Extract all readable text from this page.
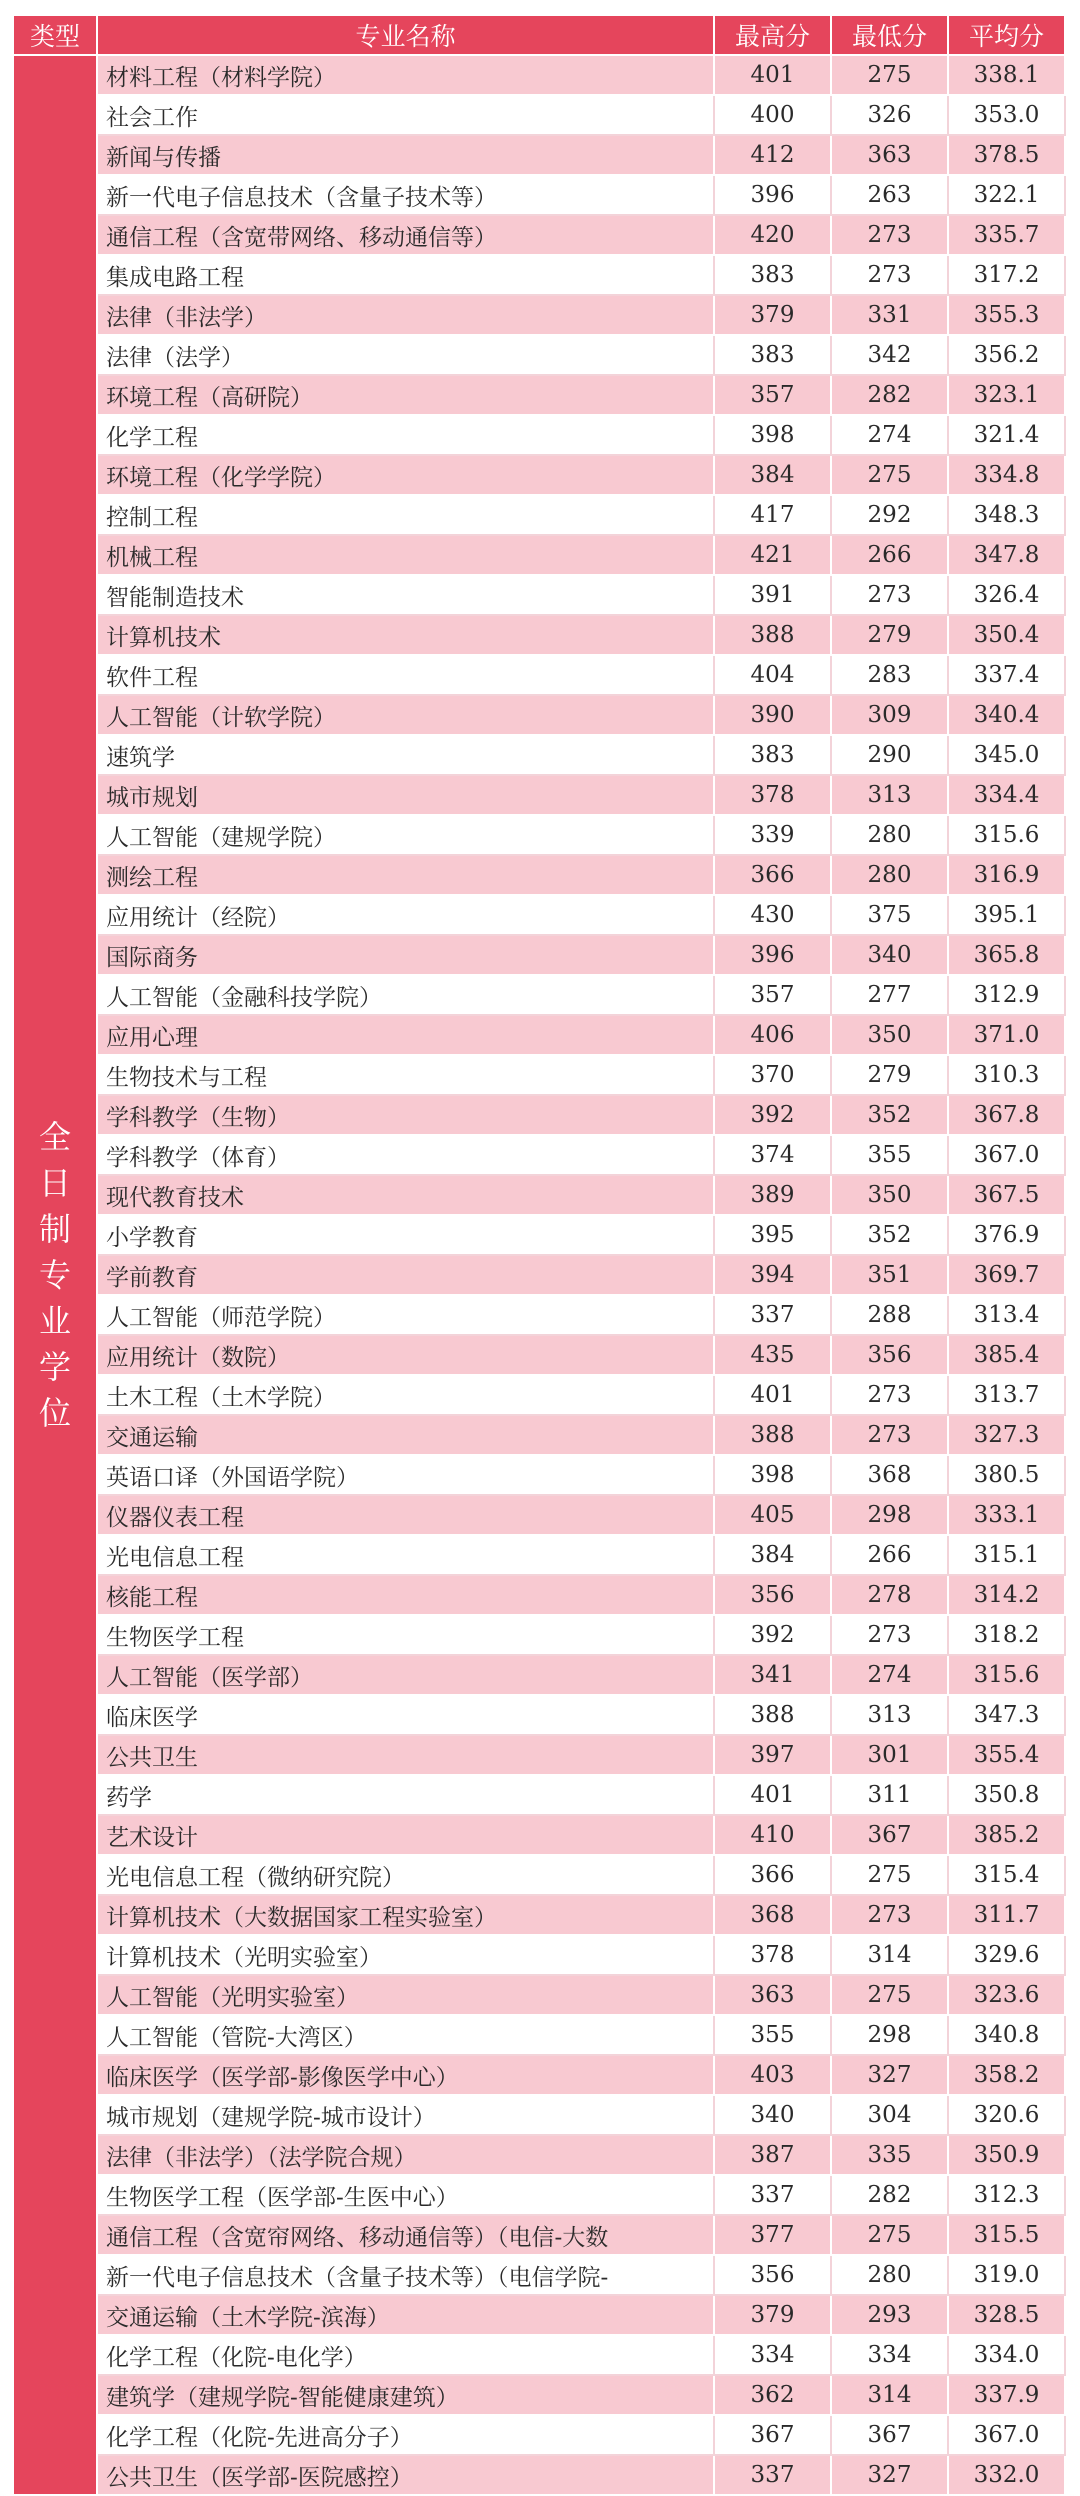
类型	专业名称	最高分	最低分	平均分
全日制专业学位	材料工程（材料学院）	401	275	338.1
	社会工作	400	326	353.0
	新闻与传播	412	363	378.5
	新一代电子信息技术（含量子技术等）	396	263	322.1
	通信工程（含宽带网络、移动通信等）	420	273	335.7
	集成电路工程	383	273	317.2
	法律（非法学）	379	331	355.3
	法律（法学）	383	342	356.2
	环境工程（高研院）	357	282	323.1
	化学工程	398	274	321.4
	环境工程（化学学院）	384	275	334.8
	控制工程	417	292	348.3
	机械工程	421	266	347.8
	智能制造技术	391	273	326.4
	计算机技术	388	279	350.4
	软件工程	404	283	337.4
	人工智能（计软学院）	390	309	340.4
	速筑学	383	290	345.0
	城市规划	378	313	334.4
	人工智能（建规学院）	339	280	315.6
	测绘工程	366	280	316.9
	应用统计（经院）	430	375	395.1
	国际商务	396	340	365.8
	人工智能（金融科技学院）	357	277	312.9
	应用心理	406	350	371.0
	生物技术与工程	370	279	310.3
	学科教学（生物）	392	352	367.8
	学科教学（体育）	374	355	367.0
	现代教育技术	389	350	367.5
	小学教育	395	352	376.9
	学前教育	394	351	369.7
	人工智能（师范学院）	337	288	313.4
	应用统计（数院）	435	356	385.4
	土木工程（土木学院）	401	273	313.7
	交通运输	388	273	327.3
	英语口译（外国语学院）	398	368	380.5
	仪器仪表工程	405	298	333.1
	光电信息工程	384	266	315.1
	核能工程	356	278	314.2
	生物医学工程	392	273	318.2
	人工智能（医学部）	341	274	315.6
	临床医学	388	313	347.3
	公共卫生	397	301	355.4
	药学	401	311	350.8
	艺术设计	410	367	385.2
	光电信息工程（微纳研究院）	366	275	315.4
	计算机技术（大数据国家工程实验室）	368	273	311.7
	计算机技术（光明实验室）	378	314	329.6
	人工智能（光明实验室）	363	275	323.6
	人工智能（管院-大湾区）	355	298	340.8
	临床医学（医学部-影像医学中心）	403	327	358.2
	城市规划（建规学院-城市设计）	340	304	320.6
	法律（非法学）（法学院合规）	387	335	350.9
	生物医学工程（医学部-生医中心）	337	282	312.3
	通信工程（含宽帘网络、移动通信等）（电信-大数	377	275	315.5
	新一代电子信息技术（含量子技术等）（电信学院-	356	280	319.0
	交通运输（土木学院-滨海）	379	293	328.5
	化学工程（化院-电化学）	334	334	334.0
	建筑学（建规学院-智能健康建筑）	362	314	337.9
	化学工程（化院-先进高分子）	367	367	367.0
	公共卫生（医学部-医院感控）	337	327	332.0
